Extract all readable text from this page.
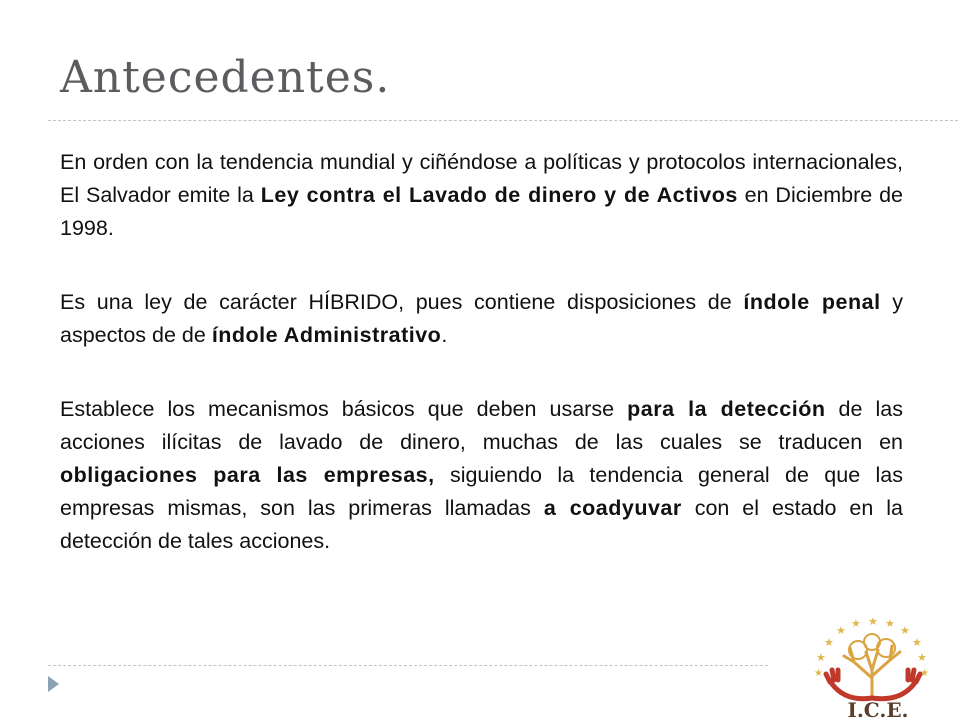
Antecedentes.

En orden con la tendencia mundial y ciñéndose a políticas y protocolos internacionales, El Salvador emite la Ley contra el Lavado de dinero y de Activos en Diciembre de 1998.

Es una ley de carácter HÍBRIDO, pues contiene disposiciones de índole penal y aspectos de de índole Administrativo.

Establece los mecanismos básicos que deben usarse para la detección de las acciones ilícitas de lavado de dinero, muchas de las cuales se traducen en obligaciones para las empresas, siguiendo la tendencia general de que las empresas mismas, son las primeras llamadas a coadyuvar con el estado en la detección de tales acciones.

★
★
★ ★ ★
★
★
★
★
★	★
I.C.E.
